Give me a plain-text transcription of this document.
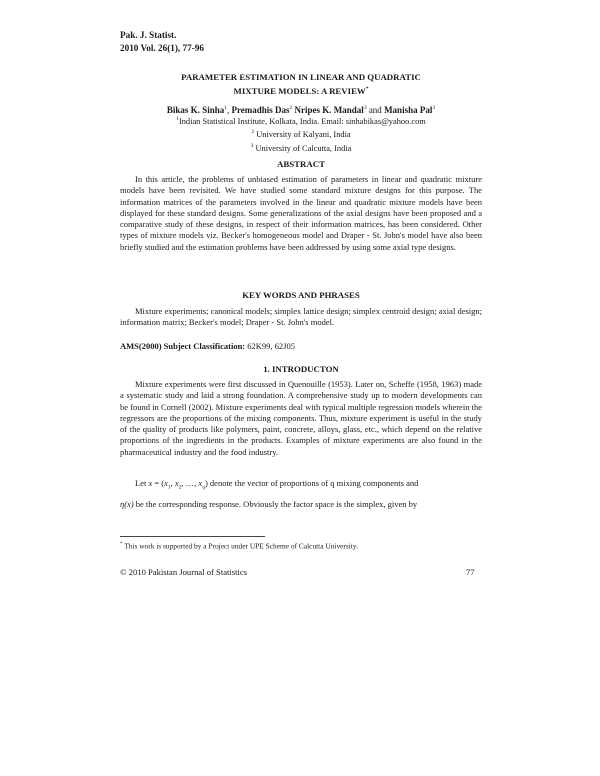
Pak. J. Statist.
2010 Vol. 26(1), 77-96
PARAMETER ESTIMATION IN LINEAR AND QUADRATIC
MIXTURE MODELS: A REVIEW*
Bikas K. Sinha$^1$, Premadhis Das$^2$ Nripes K. Mandal$^3$ and Manisha Pal$^3$
$^1$Indian Statistical Institute, Kolkata, India. Email: sinhabikas@yahoo.com
$^2$ University of Kalyani, India
$^3$ University of Calcutta, India
ABSTRACT

In this article, the problems of unbiased estimation of parameters in linear and quadratic mixture models have been revisited. We have studied some standard mixture designs for this purpose. The information matrices of the parameters involved in the linear and quadratic mixture models have been displayed for these standard designs. Some generalizations of the axial designs have been proposed and a comparative study of these designs, in respect of their information matrices, has been considered. Other types of mixture models viz. Becker's homogeneous model and Draper - St. John's model have also been briefly studied and the estimation problems have been addressed by using some axial type designs.

KEY WORDS AND PHRASES

Mixture experiments; canonical models; simplex lattice design; simplex centroid design; axial design; information matrix; Becker's model; Draper - St. John's model.

AMS(2000) Subject Classification: 62K99, 62J05
1. INTRODUCTON

Mixture experiments were first discussed in Quenouille (1953). Later on, Scheffe (1958, 1963) made a systematic study and laid a strong foundation. A comprehensive study up to modern developments can be found in Cornell (2002). Mixture experiments deal with typical multiple regression models wherein the regressors are the proportions of the mixing components. Thus, mixture experiment is useful in the study of the quality of products like polymers, paint, concrete, alloys, glass, etc., which depend on the relative proportions of the ingredients in the products. Examples of mixture experiments are also found in the pharmaceutical industry and the food industry.

Let $x = (x_1$, $x_2$, …, $x_q$) denote the vector of proportions of q mixing components and
η(x) be the corresponding response. Obviously the factor space is the simplex, given by
* This work is supported by a Project under UPE Scheme of Calcutta University.
© 2010 Pakistan Journal of Statistics	77
